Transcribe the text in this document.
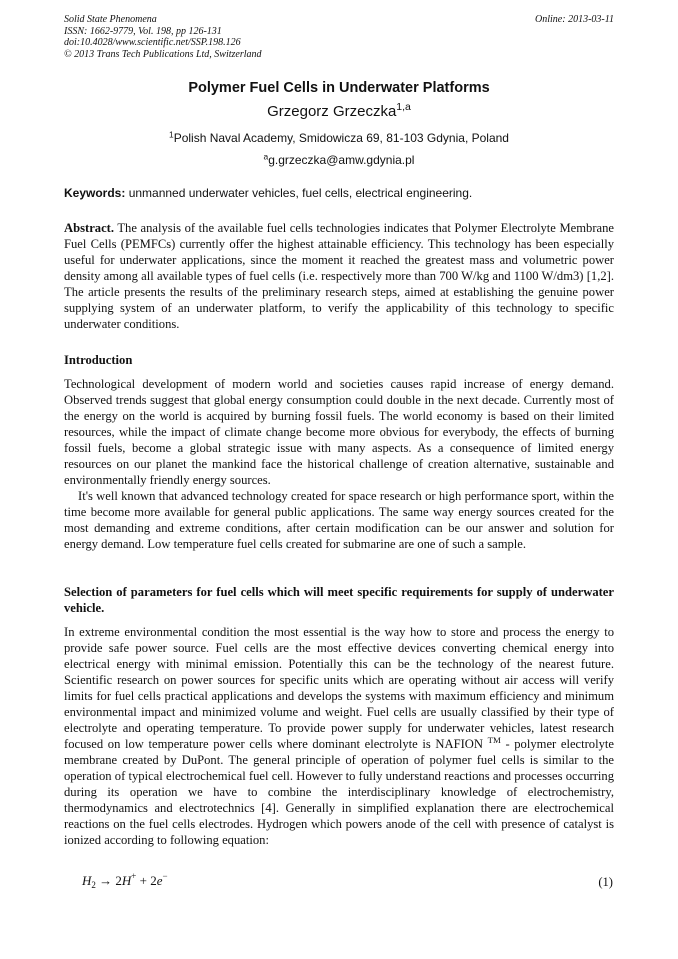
Solid State Phenomena
ISSN: 1662-9779, Vol. 198, pp 126-131
doi:10.4028/www.scientific.net/SSP.198.126
© 2013 Trans Tech Publications Ltd, Switzerland
Online: 2013-03-11
Polymer Fuel Cells in Underwater Platforms
Grzegorz Grzeczka$^{1,a}$
$^1$Polish Naval Academy, Smidowicza 69, 81-103 Gdynia, Poland
$^a$g.grzeczka@amw.gdynia.pl
Keywords: unmanned underwater vehicles, fuel cells, electrical engineering.
Abstract. The analysis of the available fuel cells technologies indicates that Polymer Electrolyte Membrane Fuel Cells (PEMFCs) currently offer the highest attainable efficiency. This technology has been especially useful for underwater applications, since the moment it reached the greatest mass and volumetric power density among all available types of fuel cells (i.e. respectively more than 700 W/kg and 1100 W/dm3) [1,2]. The article presents the results of the preliminary research steps, aimed at establishing the genuine power supplying system of an underwater platform, to verify the applicability of this technology to specific underwater conditions.
Introduction
Technological development of modern world and societies causes rapid increase of energy demand. Observed trends suggest that global energy consumption could double in the next decade. Currently most of the energy on the world is acquired by burning fossil fuels. The world economy is based on their limited resources, while the impact of climate change become more obvious for everybody, the effects of burning fossil fuels, become a global strategic issue with many aspects. As a consequence of limited energy resources on our planet the mankind face the historical challenge of creation alternative, sustainable and environmentally friendly energy sources.
It's well known that advanced technology created for space research or high performance sport, within the time become more available for general public applications. The same way energy sources created for the most demanding and extreme conditions, after certain modification can be our answer and solution for energy demand. Low temperature fuel cells created for submarine are one of such a sample.
Selection of parameters for fuel cells which will meet specific requirements for supply of underwater vehicle.
In extreme environmental condition the most essential is the way how to store and process the energy to provide safe power source. Fuel cells are the most effective devices converting chemical energy into electrical energy with minimal emission. Potentially this can be the technology of the nearest future. Scientific research on power sources for specific units which are operating without air access will verify limits for fuel cells practical applications and develops the systems with maximum efficiency and minimum environmental impact and minimized volume and weight. Fuel cells are usually classified by their type of electrolyte and operating temperature. To provide power supply for underwater vehicles, latest research focused on low temperature power cells where dominant electrolyte is NAFION ™ - polymer electrolyte membrane created by DuPont. The general principle of operation of polymer fuel cells is similar to the operation of typical electrochemical fuel cell. However to fully understand reactions and processes occurring during its operation we have to combine the interdisciplinary knowledge of electrochemistry, thermodynamics and electrotechnics [4]. Generally in simplified explanation there are electrochemical reactions on the fuel cells electrodes. Hydrogen which powers anode of the cell with presence of catalyst is ionized according to following equation:
$H_2 \to 2H^+ + 2e^-$	(1)
